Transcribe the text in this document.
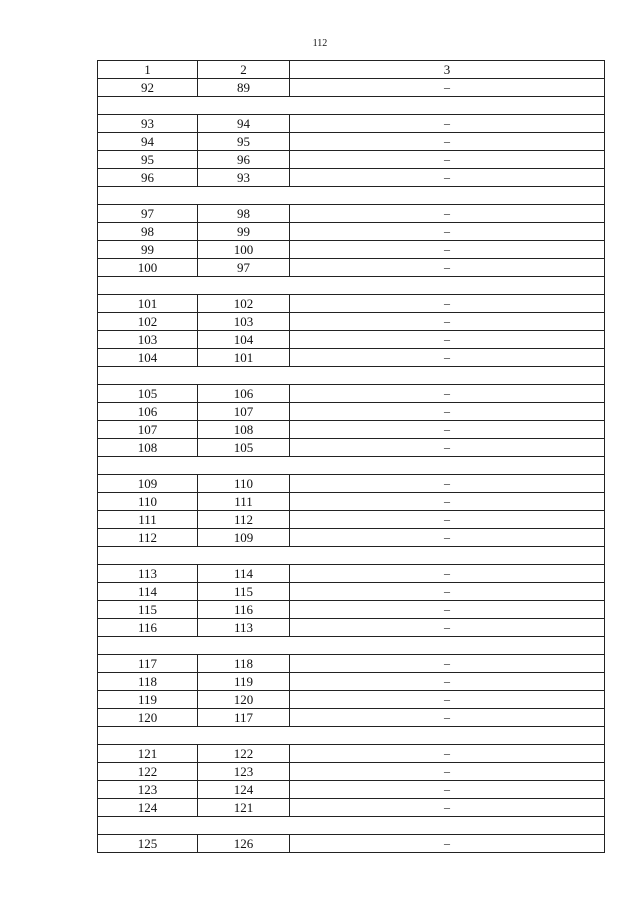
112
1	2	3
92	89	–

93	94	–
94	95	–
95	96	–
96	93	–

97	98	–
98	99	–
99	100	–
100	97	–

101	102	–
102	103	–
103	104	–
104	101	–

105	106	–
106	107	–
107	108	–
108	105	–

109	110	–
110	111	–
111	112	–
112	109	–

113	114	–
114	115	–
115	116	–
116	113	–

117	118	–
118	119	–
119	120	–
120	117	–

121	122	–
122	123	–
123	124	–
124	121	–

125	126	–
